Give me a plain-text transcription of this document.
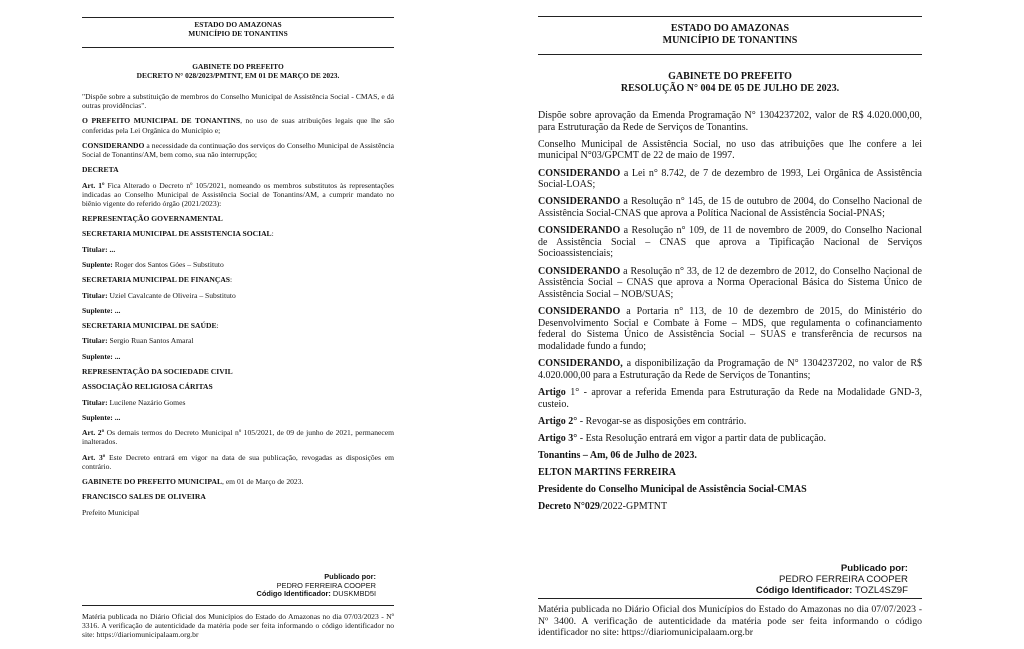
ESTADO DO AMAZONAS
MUNICÍPIO DE TONANTINS
GABINETE DO PREFEITO
DECRETO N° 028/2023/PMTNT, EM 01 DE MARÇO DE 2023.

"Dispõe sobre a substituição de membros do Conselho Municipal de Assistência Social - CMAS, e dá outras providências".

O PREFEITO MUNICIPAL DE TONANTINS, no uso de suas atribuições legais que lhe são conferidas pela Lei Orgânica do Município e;

CONSIDERANDO a necessidade da continuação dos serviços do Conselho Municipal de Assistência Social de Tonantins/AM, bem como, sua não interrupção;

DECRETA

Art. 1º Fica Alterado o Decreto nº 105/2021, nomeando os membros substitutos às representações indicadas ao Conselho Municipal de Assistência Social de Tonantins/AM, a cumprir mandato no biênio vigente do referido órgão (2021/2023):

REPRESENTAÇÃO GOVERNAMENTAL

SECRETARIA MUNICIPAL DE ASSISTENCIA SOCIAL:

Titular: ...

Suplente: Roger dos Santos Góes – Substituto

SECRETARIA MUNICIPAL DE FINANÇAS:

Titular: Uziel Cavalcante de Oliveira – Substituto

Suplente: ...

SECRETARIA MUNICIPAL DE SAÚDE:

Titular: Sergio Ruan Santos Amaral

Suplente: ...

REPRESENTAÇÃO DA SOCIEDADE CIVIL

ASSOCIAÇÃO RELIGIOSA CÁRITAS

Titular: Lucilene Nazário Gomes

Suplente: ...

Art. 2º Os demais termos do Decreto Municipal nº 105/2021, de 09 de junho de 2021, permanecem inalterados.

Art. 3º Este Decreto entrará em vigor na data de sua publicação, revogadas as disposições em contrário.

GABINETE DO PREFEITO MUNICIPAL, em 01 de Março de 2023.

FRANCISCO SALES DE OLIVEIRA

Prefeito Municipal

Publicado por:
PEDRO FERREIRA COOPER
Código Identificador: DUSKMBD5I
Matéria publicada no Diário Oficial dos Municípios do Estado do Amazonas no dia 07/03/2023 - Nº 3316. A verificação de autenticidade da matéria pode ser feita informando o código identificador no site: https://diariomunicipalaam.org.br
ESTADO DO AMAZONAS
MUNICÍPIO DE TONANTINS
GABINETE DO PREFEITO
RESOLUÇÃO N° 004 DE 05 DE JULHO DE 2023.

Dispõe sobre aprovação da Emenda Programação N° 1304237202, valor de R$ 4.020.000,00, para Estruturação da Rede de Serviços de Tonantins.

Conselho Municipal de Assistência Social, no uso das atribuições que lhe confere a lei municipal N°03/GPCMT de 22 de maio de 1997.

CONSIDERANDO a Lei n° 8.742, de 7 de dezembro de 1993, Lei Orgânica de Assistência Social-LOAS;

CONSIDERANDO a Resolução n° 145, de 15 de outubro de 2004, do Conselho Nacional de Assistência Social-CNAS que aprova a Política Nacional de Assistência Social-PNAS;

CONSIDERANDO a Resolução n° 109, de 11 de novembro de 2009, do Conselho Nacional de Assistência Social – CNAS que aprova a Tipificação Nacional de Serviços Socioassistenciais;

CONSIDERANDO a Resolução n° 33, de 12 de dezembro de 2012, do Conselho Nacional de Assistência Social – CNAS que aprova a Norma Operacional Básica do Sistema Único de Assistência Social – NOB/SUAS;

CONSIDERANDO a Portaria n° 113, de 10 de dezembro de 2015, do Ministério do Desenvolvimento Social e Combate à Fome – MDS, que regulamenta o cofinanciamento federal do Sistema Único de Assistência Social – SUAS e transferência de recursos na modalidade fundo a fundo;

CONSIDERANDO, a disponibilização da Programação de N° 1304237202, no valor de R$ 4.020.000,00 para a Estruturação da Rede de Serviços de Tonantins;

Artigo 1° - aprovar a referida Emenda para Estruturação da Rede na Modalidade GND-3, custeio.

Artigo 2° - Revogar-se as disposições em contrário.

Artigo 3° - Esta Resolução entrará em vigor a partir data de publicação.

Tonantins – Am, 06 de Julho de 2023.

ELTON MARTINS FERREIRA

Presidente do Conselho Municipal de Assistência Social-CMAS

Decreto N°029/2022-GPMTNT

Publicado por:
PEDRO FERREIRA COOPER
Código Identificador: TOZL4SZ9F
Matéria publicada no Diário Oficial dos Municípios do Estado do Amazonas no dia 07/07/2023 - Nº 3400. A verificação de autenticidade da matéria pode ser feita informando o código identificador no site: https://diariomunicipalaam.org.br
